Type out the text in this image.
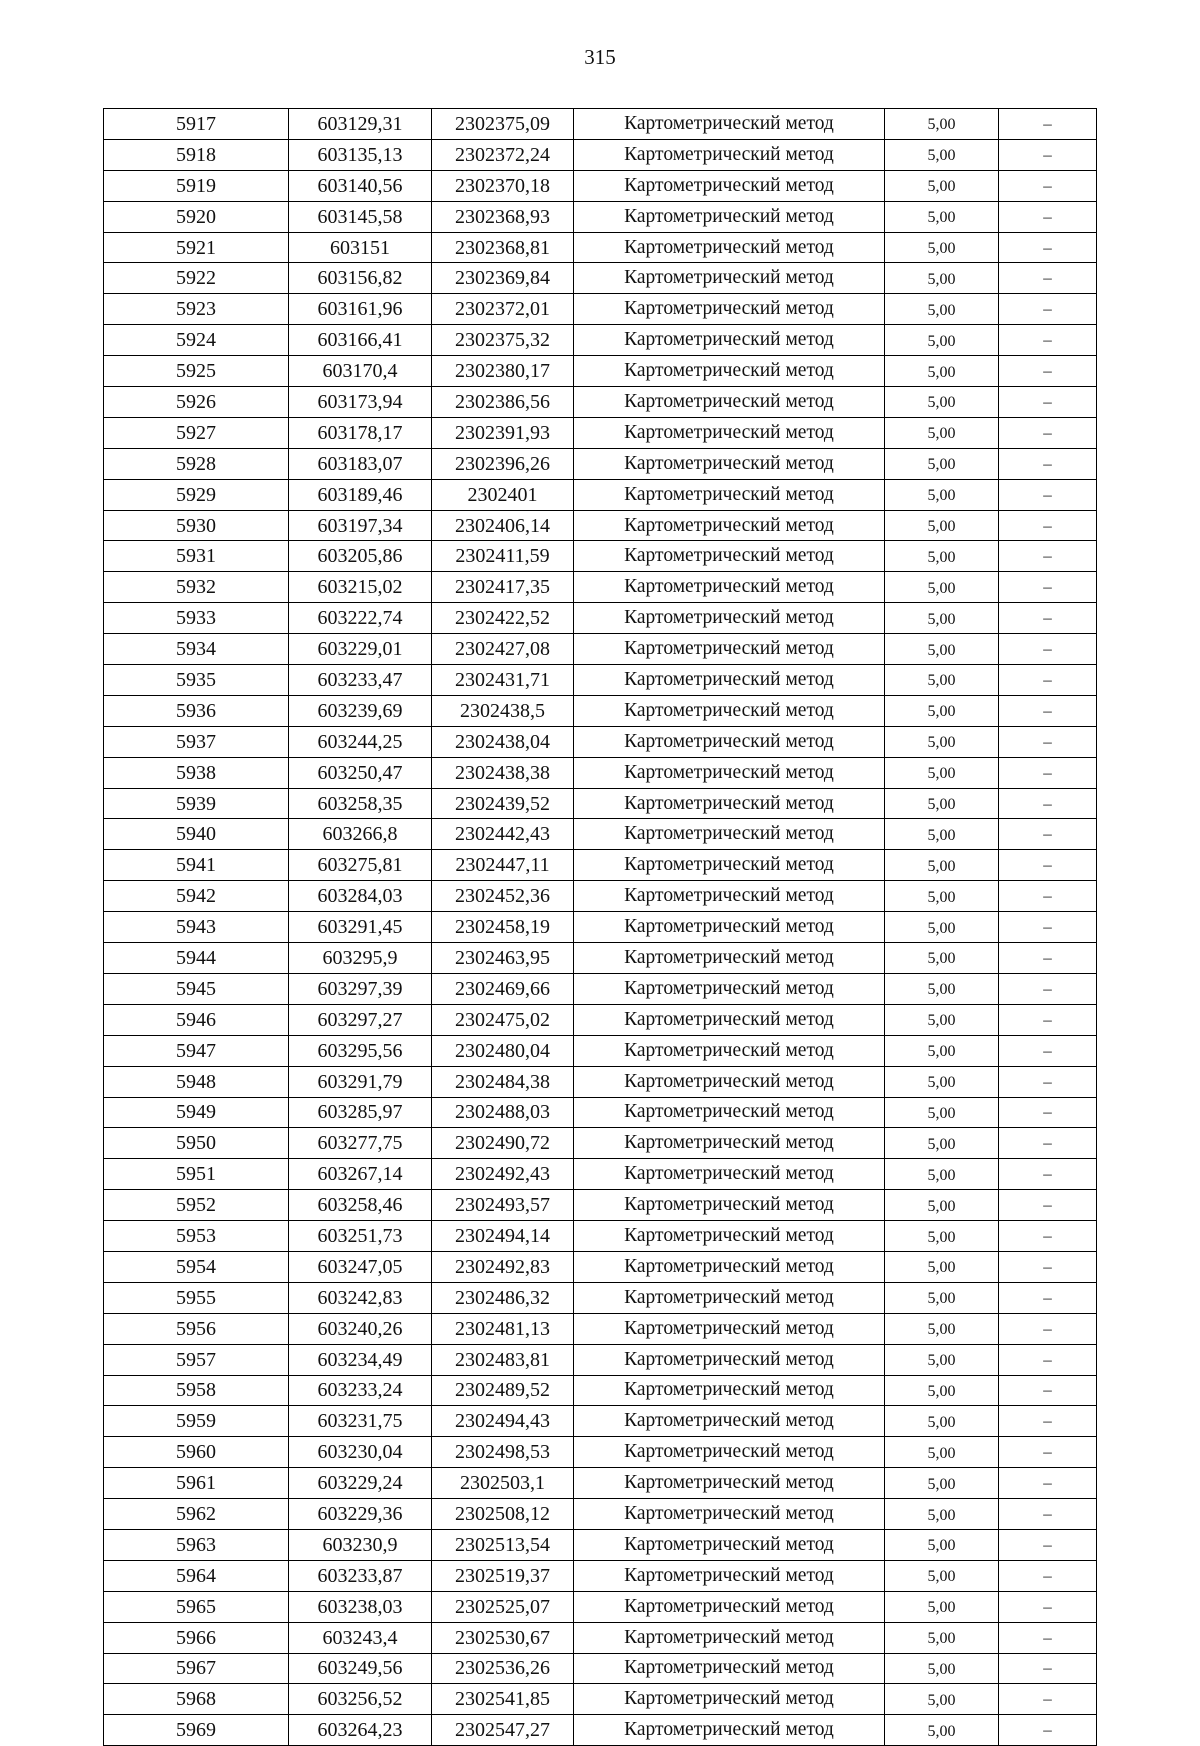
315
5917	603129,31	2302375,09	Картометрический метод	5,00	–
5918	603135,13	2302372,24	Картометрический метод	5,00	–
5919	603140,56	2302370,18	Картометрический метод	5,00	–
5920	603145,58	2302368,93	Картометрический метод	5,00	–
5921	603151	2302368,81	Картометрический метод	5,00	–
5922	603156,82	2302369,84	Картометрический метод	5,00	–
5923	603161,96	2302372,01	Картометрический метод	5,00	–
5924	603166,41	2302375,32	Картометрический метод	5,00	–
5925	603170,4	2302380,17	Картометрический метод	5,00	–
5926	603173,94	2302386,56	Картометрический метод	5,00	–
5927	603178,17	2302391,93	Картометрический метод	5,00	–
5928	603183,07	2302396,26	Картометрический метод	5,00	–
5929	603189,46	2302401	Картометрический метод	5,00	–
5930	603197,34	2302406,14	Картометрический метод	5,00	–
5931	603205,86	2302411,59	Картометрический метод	5,00	–
5932	603215,02	2302417,35	Картометрический метод	5,00	–
5933	603222,74	2302422,52	Картометрический метод	5,00	–
5934	603229,01	2302427,08	Картометрический метод	5,00	–
5935	603233,47	2302431,71	Картометрический метод	5,00	–
5936	603239,69	2302438,5	Картометрический метод	5,00	–
5937	603244,25	2302438,04	Картометрический метод	5,00	–
5938	603250,47	2302438,38	Картометрический метод	5,00	–
5939	603258,35	2302439,52	Картометрический метод	5,00	–
5940	603266,8	2302442,43	Картометрический метод	5,00	–
5941	603275,81	2302447,11	Картометрический метод	5,00	–
5942	603284,03	2302452,36	Картометрический метод	5,00	–
5943	603291,45	2302458,19	Картометрический метод	5,00	–
5944	603295,9	2302463,95	Картометрический метод	5,00	–
5945	603297,39	2302469,66	Картометрический метод	5,00	–
5946	603297,27	2302475,02	Картометрический метод	5,00	–
5947	603295,56	2302480,04	Картометрический метод	5,00	–
5948	603291,79	2302484,38	Картометрический метод	5,00	–
5949	603285,97	2302488,03	Картометрический метод	5,00	–
5950	603277,75	2302490,72	Картометрический метод	5,00	–
5951	603267,14	2302492,43	Картометрический метод	5,00	–
5952	603258,46	2302493,57	Картометрический метод	5,00	–
5953	603251,73	2302494,14	Картометрический метод	5,00	–
5954	603247,05	2302492,83	Картометрический метод	5,00	–
5955	603242,83	2302486,32	Картометрический метод	5,00	–
5956	603240,26	2302481,13	Картометрический метод	5,00	–
5957	603234,49	2302483,81	Картометрический метод	5,00	–
5958	603233,24	2302489,52	Картометрический метод	5,00	–
5959	603231,75	2302494,43	Картометрический метод	5,00	–
5960	603230,04	2302498,53	Картометрический метод	5,00	–
5961	603229,24	2302503,1	Картометрический метод	5,00	–
5962	603229,36	2302508,12	Картометрический метод	5,00	–
5963	603230,9	2302513,54	Картометрический метод	5,00	–
5964	603233,87	2302519,37	Картометрический метод	5,00	–
5965	603238,03	2302525,07	Картометрический метод	5,00	–
5966	603243,4	2302530,67	Картометрический метод	5,00	–
5967	603249,56	2302536,26	Картометрический метод	5,00	–
5968	603256,52	2302541,85	Картометрический метод	5,00	–
5969	603264,23	2302547,27	Картометрический метод	5,00	–
